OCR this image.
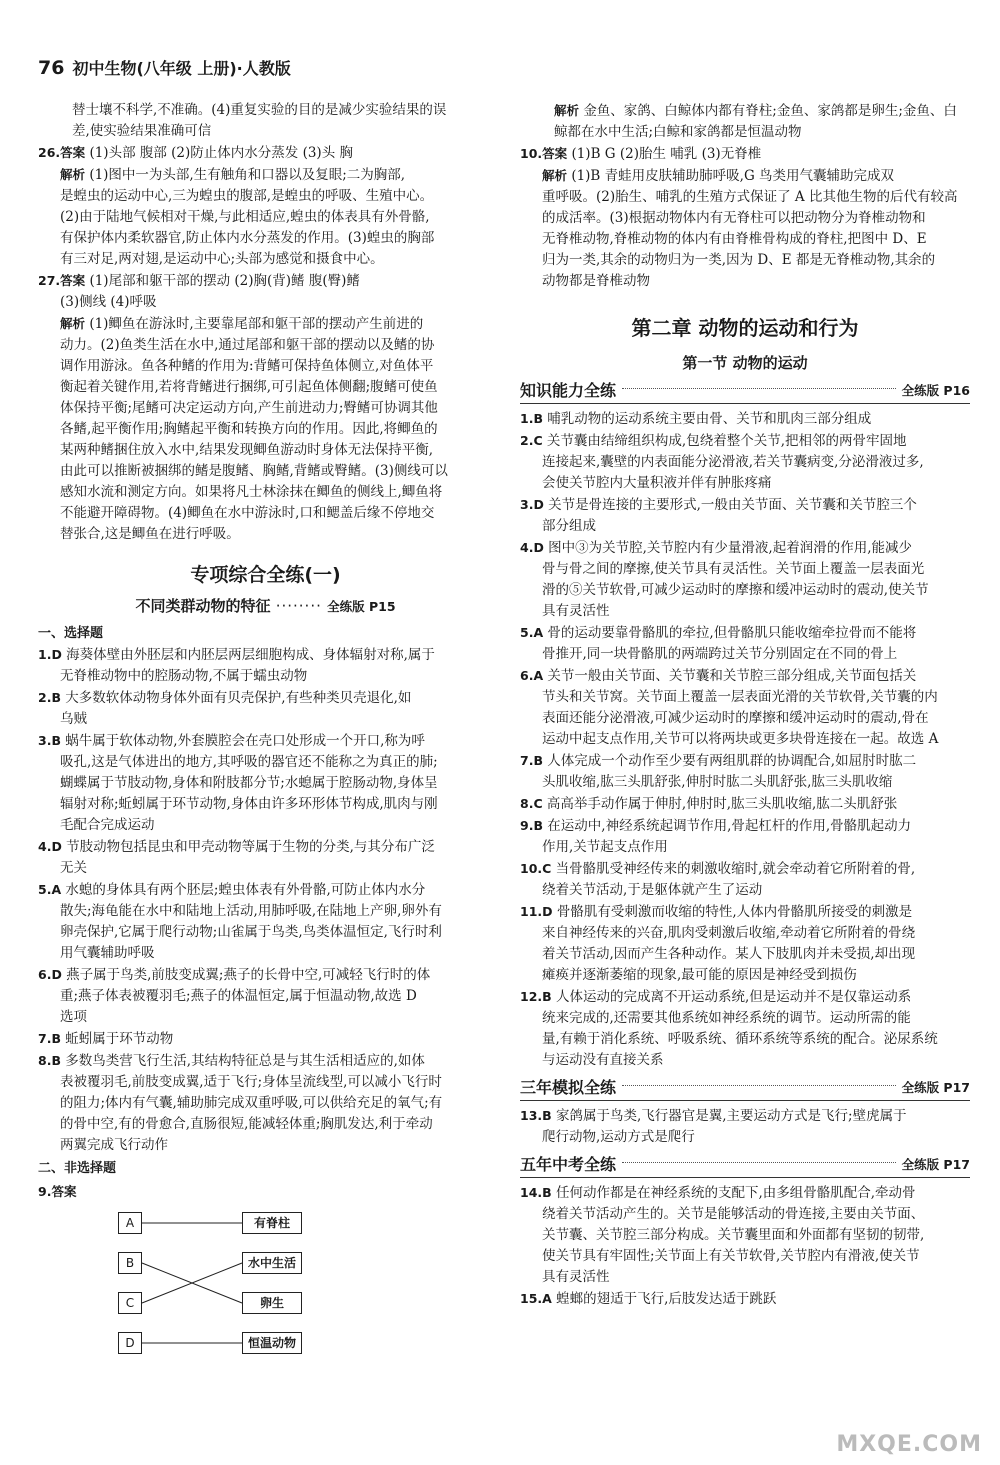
76 初中生物(八年级 上册)·人教版

替士壤不科学,不准确。(4)重复实验的目的是减少实验结果的误

差,使实验结果准确可信

26.答案 (1)头部 腹部 (2)防止体内水分蒸发 (3)头 胸

解析 (1)图中一为头部,生有触角和口器以及复眼;二为胸部,

是蝗虫的运动中心,三为蝗虫的腹部,是蝗虫的呼吸、生殖中心。

(2)由于陆地气候相对干燥,与此相适应,蝗虫的体表具有外骨骼,

有保护体内柔软器官,防止体内水分蒸发的作用。(3)蝗虫的胸部

有三对足,两对翅,是运动中心;头部为感觉和摄食中心。

27.答案 (1)尾部和躯干部的摆动 (2)胸(背)鳍 腹(臀)鳍

(3)侧线 (4)呼吸

解析 (1)鲫鱼在游泳时,主要靠尾部和躯干部的摆动产生前进的

动力。(2)鱼类生活在水中,通过尾部和躯干部的摆动以及鳍的协

调作用游泳。鱼各种鳍的作用为:背鳍可保持鱼体侧立,对鱼体平

衡起着关键作用,若将背鳍进行捆绑,可引起鱼体侧翻;腹鳍可使鱼

体保持平衡;尾鳍可决定运动方向,产生前进动力;臀鳍可协调其他

各鳍,起平衡作用;胸鳍起平衡和转换方向的作用。因此,将鲫鱼的

某两种鳍捆住放入水中,结果发现鲫鱼游动时身体无法保持平衡,

由此可以推断被捆绑的鳍是腹鳍、胸鳍,背鳍或臀鳍。(3)侧线可以

感知水流和测定方向。如果将凡士林涂抹在鲫鱼的侧线上,鲫鱼将

不能避开障碍物。(4)鲫鱼在水中游泳时,口和鳃盖后缘不停地交

替张合,这是鲫鱼在进行呼吸。

专项综合全练(一)
不同类群动物的特征 ········ 全练版 P15
一、选择题

1.D 海葵体壁由外胚层和内胚层两层细胞构成、身体辐射对称,属于

无脊椎动物中的腔肠动物,不属于蠕虫动物

2.B 大多数软体动物身体外面有贝壳保护,有些种类贝壳退化,如

乌贼

3.B 蜗牛属于软体动物,外套膜腔会在壳口处形成一个开口,称为呼

吸孔,这是气体进出的地方,其呼吸的器官还不能称之为真正的肺;

蝴蝶属于节肢动物,身体和附肢都分节;水螅属于腔肠动物,身体呈

辐射对称;蚯蚓属于环节动物,身体由许多环形体节构成,肌肉与刚

毛配合完成运动

4.D 节肢动物包括昆虫和甲壳动物等属于生物的分类,与其分布广泛

无关

5.A 水螅的身体具有两个胚层;蝗虫体表有外骨骼,可防止体内水分

散失;海龟能在水中和陆地上活动,用肺呼吸,在陆地上产卵,卵外有

卵壳保护,它属于爬行动物;山雀属于鸟类,鸟类体温恒定,飞行时利

用气囊辅助呼吸

6.D 燕子属于鸟类,前肢变成翼;燕子的长骨中空,可减轻飞行时的体

重;燕子体表被覆羽毛;燕子的体温恒定,属于恒温动物,故选 D

选项

7.B 蚯蚓属于环节动物

8.B 多数鸟类营飞行生活,其结构特征总是与其生活相适应的,如体

表被覆羽毛,前肢变成翼,适于飞行;身体呈流线型,可以减小飞行时

的阻力;体内有气囊,辅助肺完成双重呼吸,可以供给充足的氧气;有

的骨中空,有的骨愈合,直肠很短,能减轻体重;胸肌发达,利于牵动

两翼完成飞行动作

二、非选择题
9.答案
A
B
C
D
有脊柱
水中生活
卵生
恒温动物

解析 金鱼、家鸽、白鲸体内都有脊柱;金鱼、家鸽都是卵生;金鱼、白

鲸都在水中生活;白鲸和家鸽都是恒温动物

10.答案 (1)B G (2)胎生 哺乳 (3)无脊椎

解析 (1)B 青蛙用皮肤辅助肺呼吸,G 鸟类用气囊辅助完成双

重呼吸。(2)胎生、哺乳的生殖方式保证了 A 比其他生物的后代有较高

的成活率。(3)根据动物体内有无脊柱可以把动物分为脊椎动物和

无脊椎动物,脊椎动物的体内有由脊椎骨构成的脊柱,把图中 D、E

归为一类,其余的动物归为一类,因为 D、E 都是无脊椎动物,其余的

动物都是脊椎动物

第二章 动物的运动和行为
第一节 动物的运动
知识能力全练	全练版 P16

1.B 哺乳动物的运动系统主要由骨、关节和肌肉三部分组成

2.C 关节囊由结缔组织构成,包绕着整个关节,把相邻的两骨牢固地

连接起来,囊壁的内表面能分泌滑液,若关节囊病变,分泌滑液过多,

会使关节腔内大量积液并伴有肿胀疼痛

3.D 关节是骨连接的主要形式,一般由关节面、关节囊和关节腔三个

部分组成

4.D 图中③为关节腔,关节腔内有少量滑液,起着润滑的作用,能减少

骨与骨之间的摩擦,使关节具有灵活性。关节面上覆盖一层表面光

滑的⑤关节软骨,可减少运动时的摩擦和缓冲运动时的震动,使关节

具有灵活性

5.A 骨的运动要靠骨骼肌的牵拉,但骨骼肌只能收缩牵拉骨而不能将

骨推开,同一块骨骼肌的两端跨过关节分别固定在不同的骨上

6.A 关节一般由关节面、关节囊和关节腔三部分组成,关节面包括关

节头和关节窝。关节面上覆盖一层表面光滑的关节软骨,关节囊的内

表面还能分泌滑液,可减少运动时的摩擦和缓冲运动时的震动,骨在

运动中起支点作用,关节可以将两块或更多块骨连接在一起。故选 A

7.B 人体完成一个动作至少要有两组肌群的协调配合,如屈肘时肱二

头肌收缩,肱三头肌舒张,伸肘时肱二头肌舒张,肱三头肌收缩

8.C 高高举手动作属于伸肘,伸肘时,肱三头肌收缩,肱二头肌舒张

9.B 在运动中,神经系统起调节作用,骨起杠杆的作用,骨骼肌起动力

作用,关节起支点作用

10.C 当骨骼肌受神经传来的刺激收缩时,就会牵动着它所附着的骨,

绕着关节活动,于是躯体就产生了运动

11.D 骨骼肌有受刺激而收缩的特性,人体内骨骼肌所接受的刺激是

来自神经传来的兴奋,肌肉受刺激后收缩,牵动着它所附着的骨绕

着关节活动,因而产生各种动作。某人下肢肌肉并未受损,却出现

瘫痪并逐渐萎缩的现象,最可能的原因是神经受到损伤

12.B 人体运动的完成离不开运动系统,但是运动并不是仅靠运动系

统来完成的,还需要其他系统如神经系统的调节。运动所需的能

量,有赖于消化系统、呼吸系统、循环系统等系统的配合。泌尿系统

与运动没有直接关系

三年模拟全练	全练版 P17

13.B 家鸽属于鸟类,飞行器官是翼,主要运动方式是飞行;壁虎属于

爬行动物,运动方式是爬行

五年中考全练	全练版 P17

14.B 任何动作都是在神经系统的支配下,由多组骨骼肌配合,牵动骨

绕着关节活动产生的。关节是能够活动的骨连接,主要由关节面、

关节囊、关节腔三部分构成。关节囊里面和外面都有坚韧的韧带,

使关节具有牢固性;关节面上有关节软骨,关节腔内有滑液,使关节

具有灵活性

15.A 蝗螂的翅适于飞行,后肢发达适于跳跃

MXQE.COM
